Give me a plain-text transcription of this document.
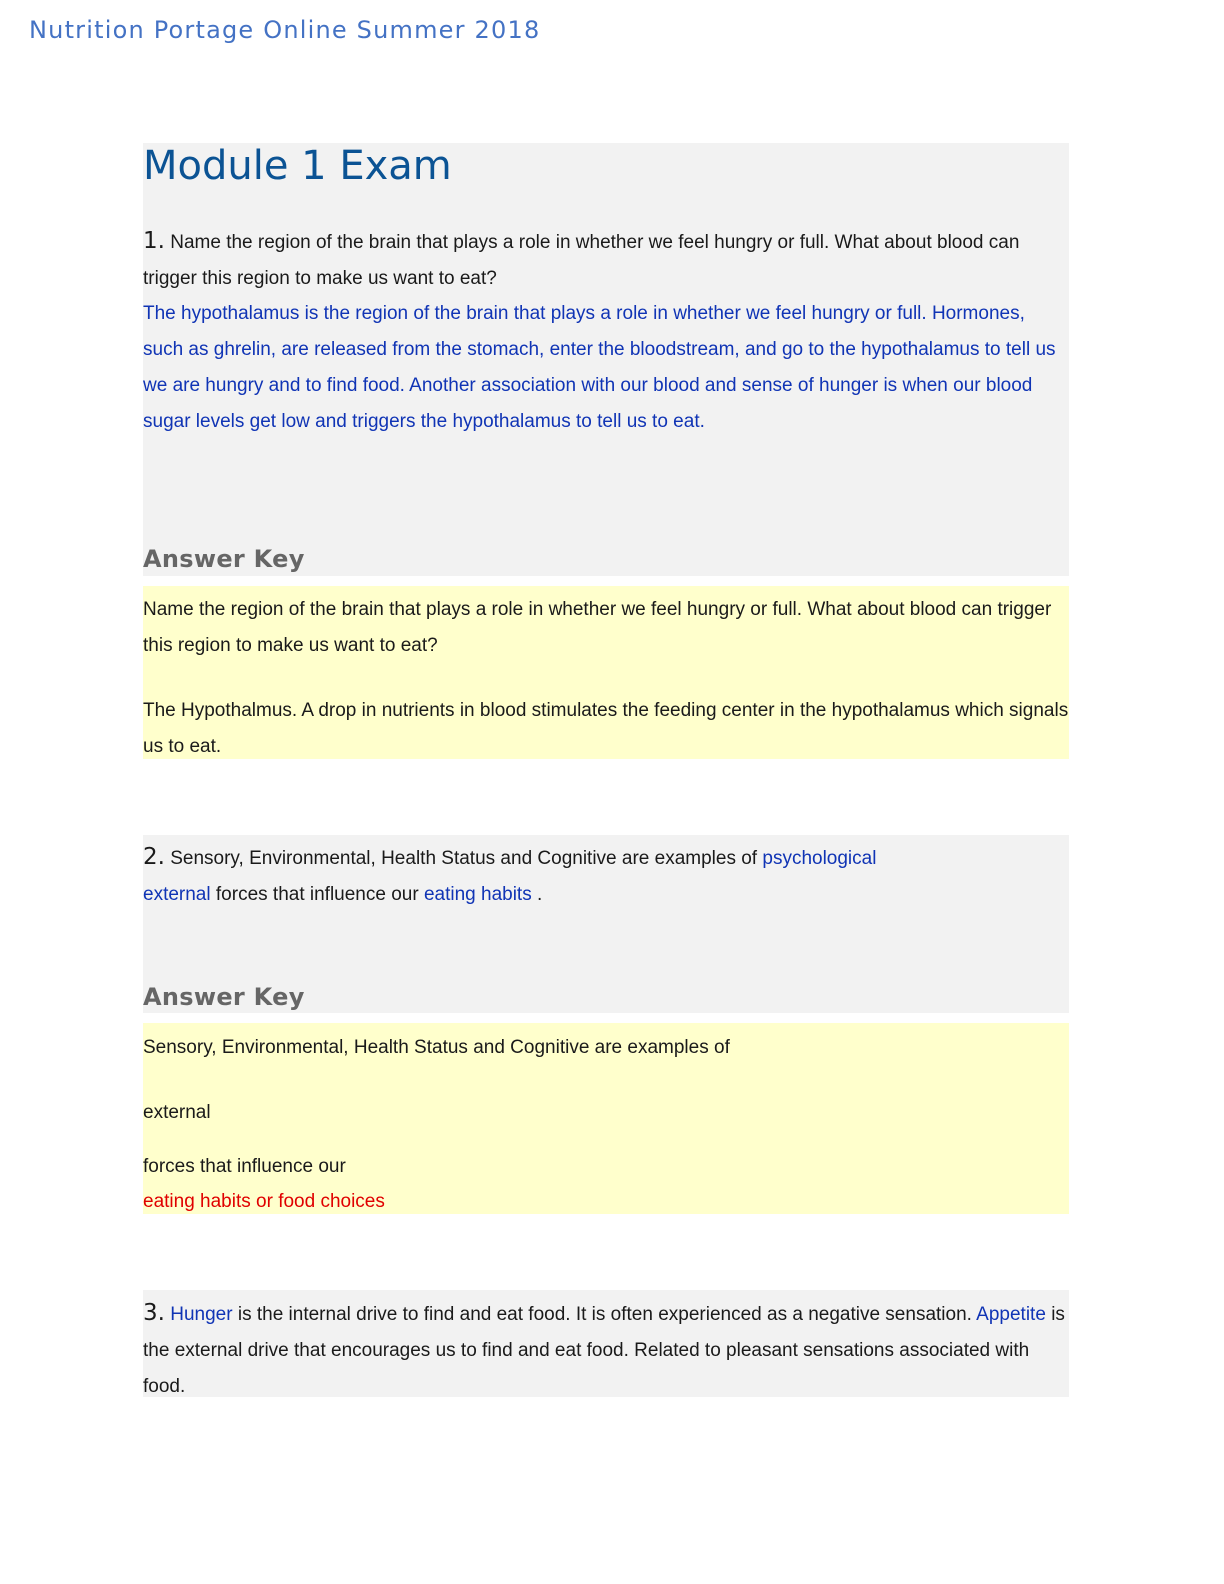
Nutrition Portage Online Summer 2018
Module 1 Exam

1. Name the region of the brain that plays a role in whether we feel hungry or full. What about blood can trigger this region to make us want to eat?

The hypothalamus is the region of the brain that plays a role in whether we feel hungry or full. Hormones, such as ghrelin, are released from the stomach, enter the bloodstream, and go to the hypothalamus to tell us we are hungry and to find food. Another association with our blood and sense of hunger is when our blood sugar levels get low and triggers the hypothalamus to tell us to eat.

Answer Key

Name the region of the brain that plays a role in whether we feel hungry or full. What about blood can trigger this region to make us want to eat?

The Hypothalmus. A drop in nutrients in blood stimulates the feeding center in the hypothalamus which signals us to eat.

2. Sensory, Environmental, Health Status and Cognitive are examples of psychological
external forces that influence our eating habits .

Answer Key

Sensory, Environmental, Health Status and Cognitive are examples of

external

forces that influence our

eating habits or food choices

3. Hunger is the internal drive to find and eat food. It is often experienced as a negative sensation. Appetite is the external drive that encourages us to find and eat food. Related to pleasant sensations associated with food.
